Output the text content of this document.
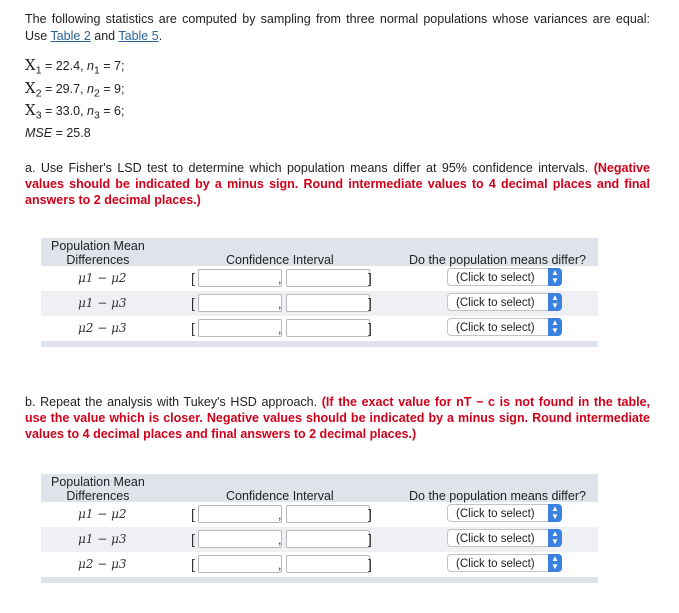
The following statistics are computed by sampling from three normal populations whose variances are equal: Use Table 2 and Table 5.
$X_1 = 22.4$, $n_1 = 7$;
$X_2 = 29.7$, $n_2 = 9$;
$X_3 = 33.0$, $n_3 = 6$;
MSE = 25.8
a. Use Fisher's LSD test to determine which population means differ at 95% confidence intervals. (Negative values should be indicated by a minus sign. Round intermediate values to 4 decimal places and final answers to 2 decimal places.)
Population Mean
Differences	Confidence Interval	Do the population means differ?
μ1 − μ2	[	,	]	(Click to select)	▲
▼
μ1 − μ3	[	,	]	(Click to select)	▲
▼
μ2 − μ3	[	,	]	(Click to select)	▲
▼
b. Repeat the analysis with Tukey's HSD approach. (If the exact value for nT − c is not found in the table, use the value which is closer. Negative values should be indicated by a minus sign. Round intermediate values to 4 decimal places and final answers to 2 decimal places.)
Population Mean
Differences	Confidence Interval	Do the population means differ?
μ1 − μ2	[	,	]	(Click to select)	▲
▼
μ1 − μ3	[	,	]	(Click to select)	▲
▼
μ2 − μ3	[	,	]	(Click to select)	▲
▼
